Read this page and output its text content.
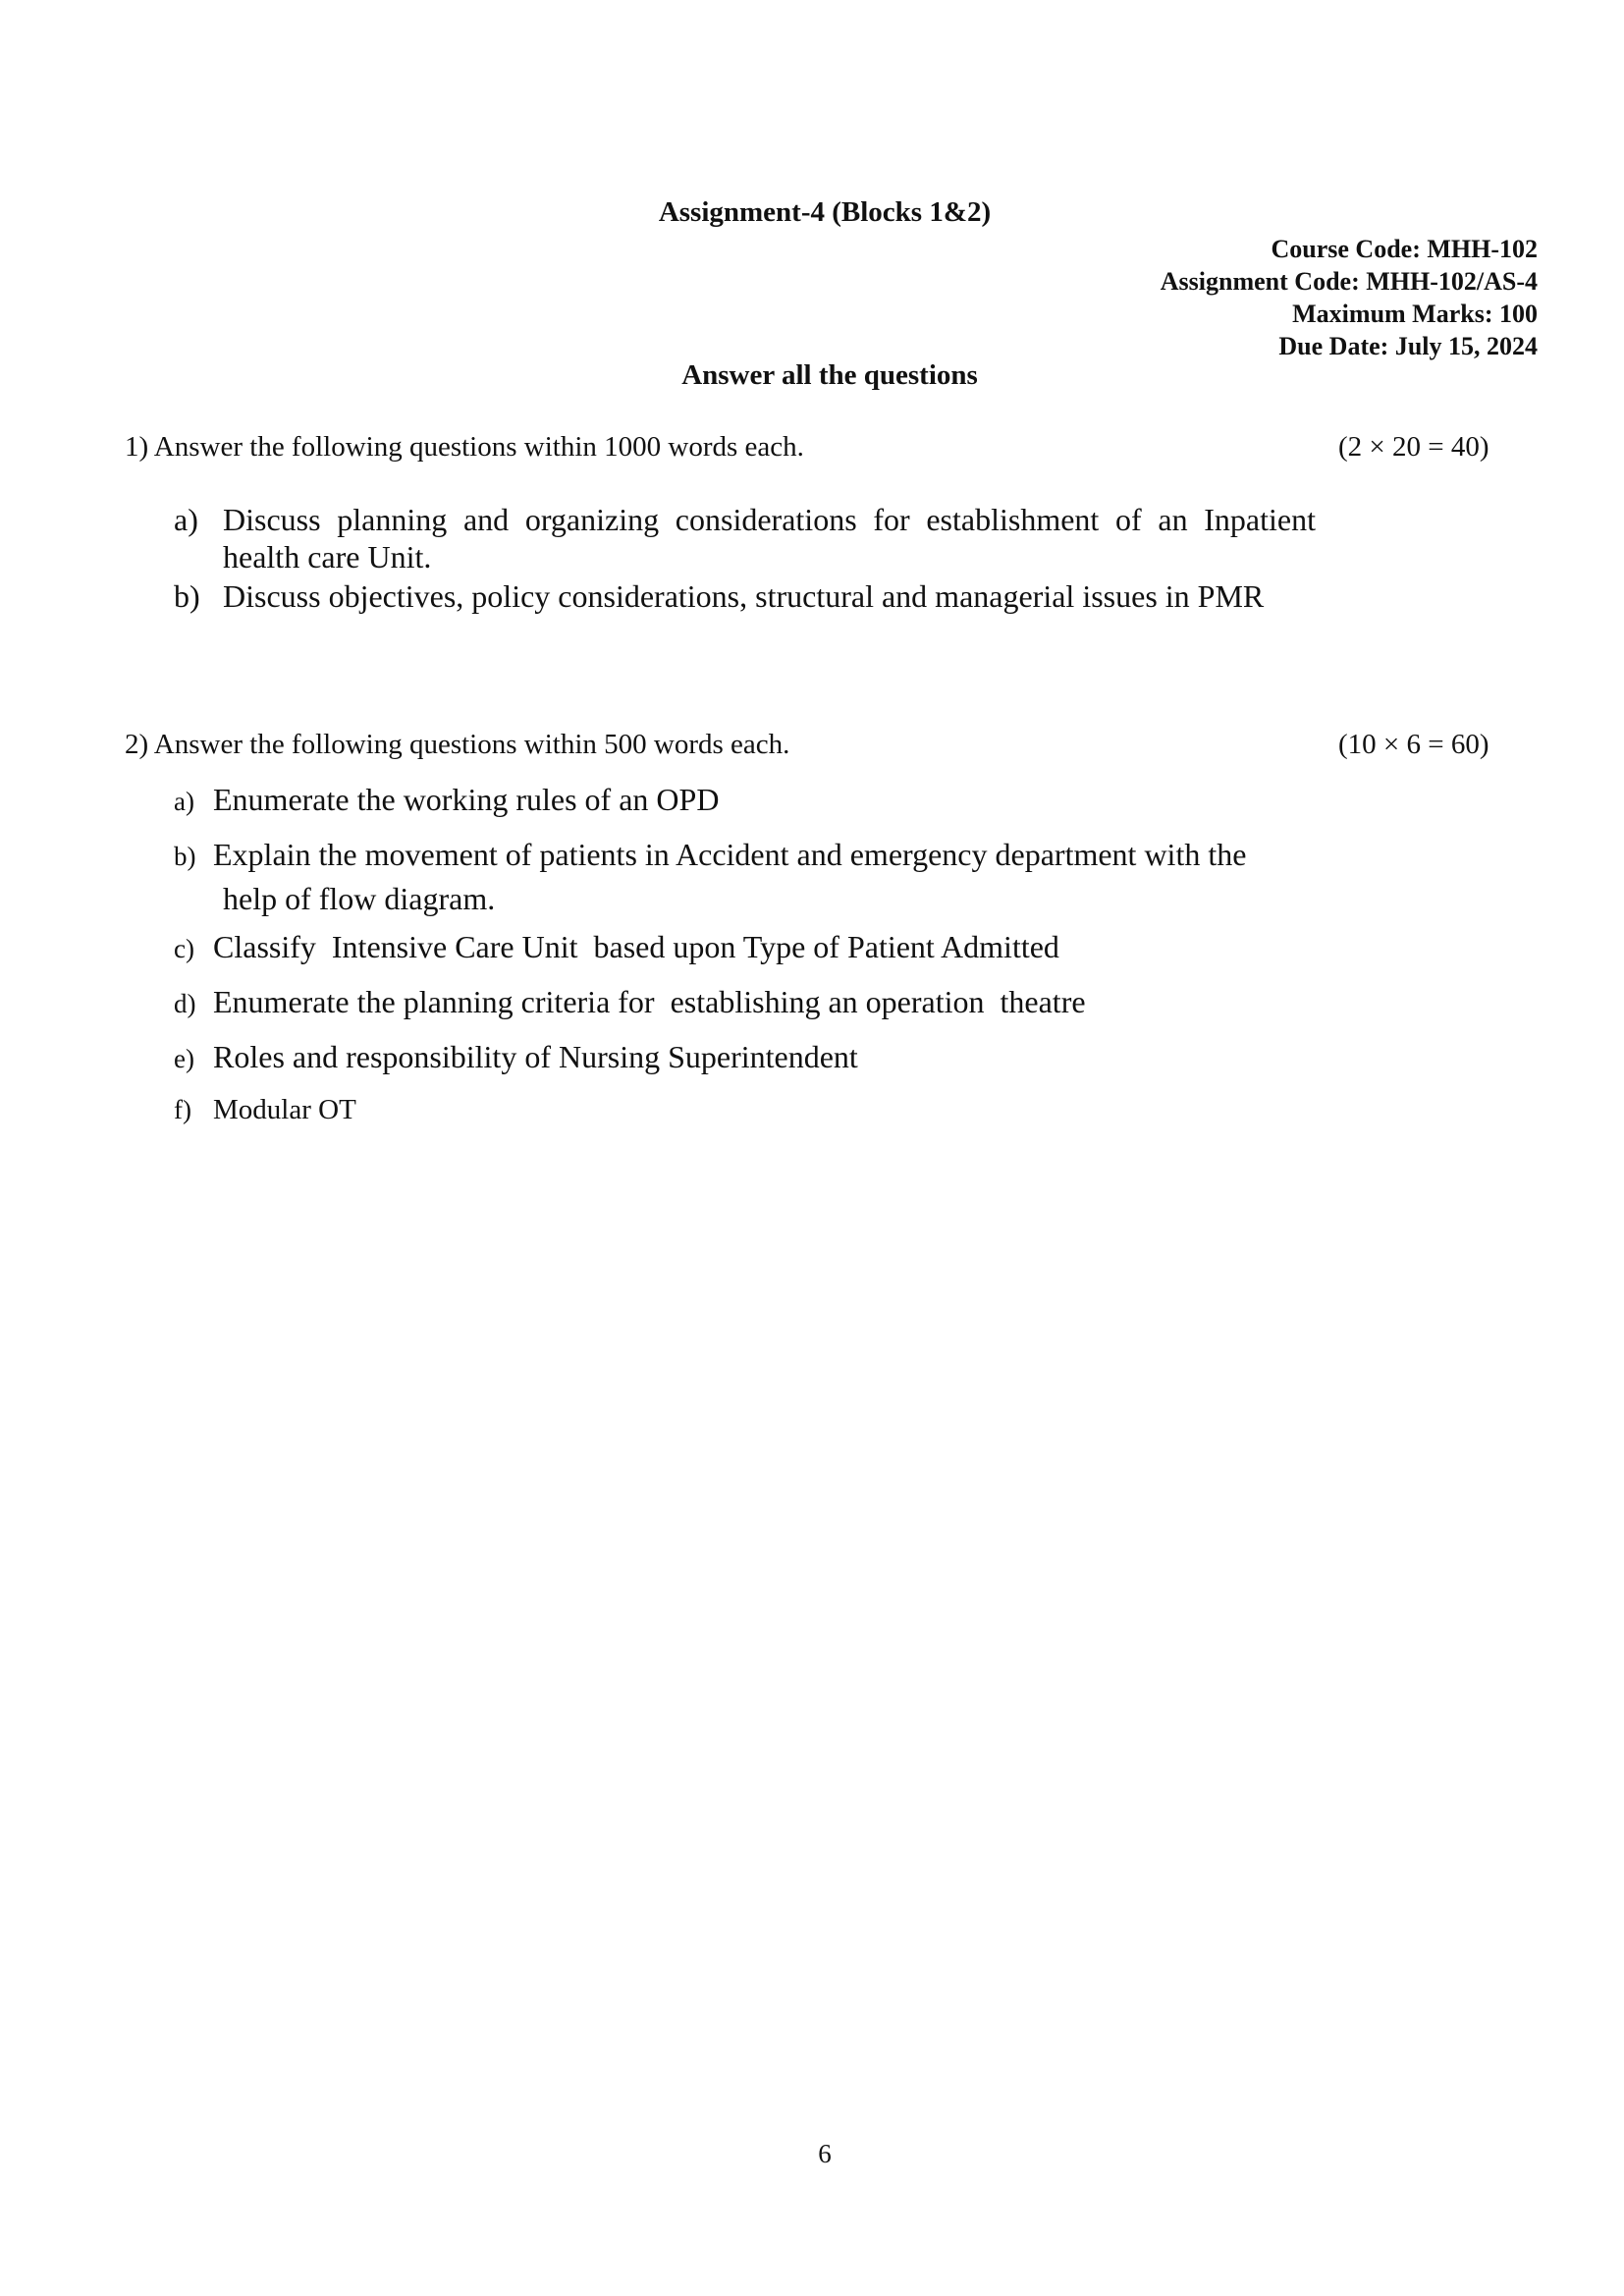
Assignment-4 (Blocks 1&2)
Course Code: MHH-102
Assignment Code: MHH-102/AS-4
Maximum Marks: 100
Due Date: July 15, 2024
Answer all the questions
1) Answer the following questions within 1000 words each.	(2 × 20 = 40)
a) Discuss planning and organizing considerations for establishment of an Inpatient health care Unit.
b) Discuss objectives, policy considerations, structural and managerial issues in PMR
2) Answer the following questions within 500 words each.	(10 × 6 = 60)
a) Enumerate the working rules of an OPD
b) Explain the movement of patients in Accident and emergency department with the
help of flow diagram.
c) Classify  Intensive Care Unit  based upon Type of Patient Admitted
d) Enumerate the planning criteria for  establishing an operation  theatre
e) Roles and responsibility of Nursing Superintendent
f) Modular OT
6
